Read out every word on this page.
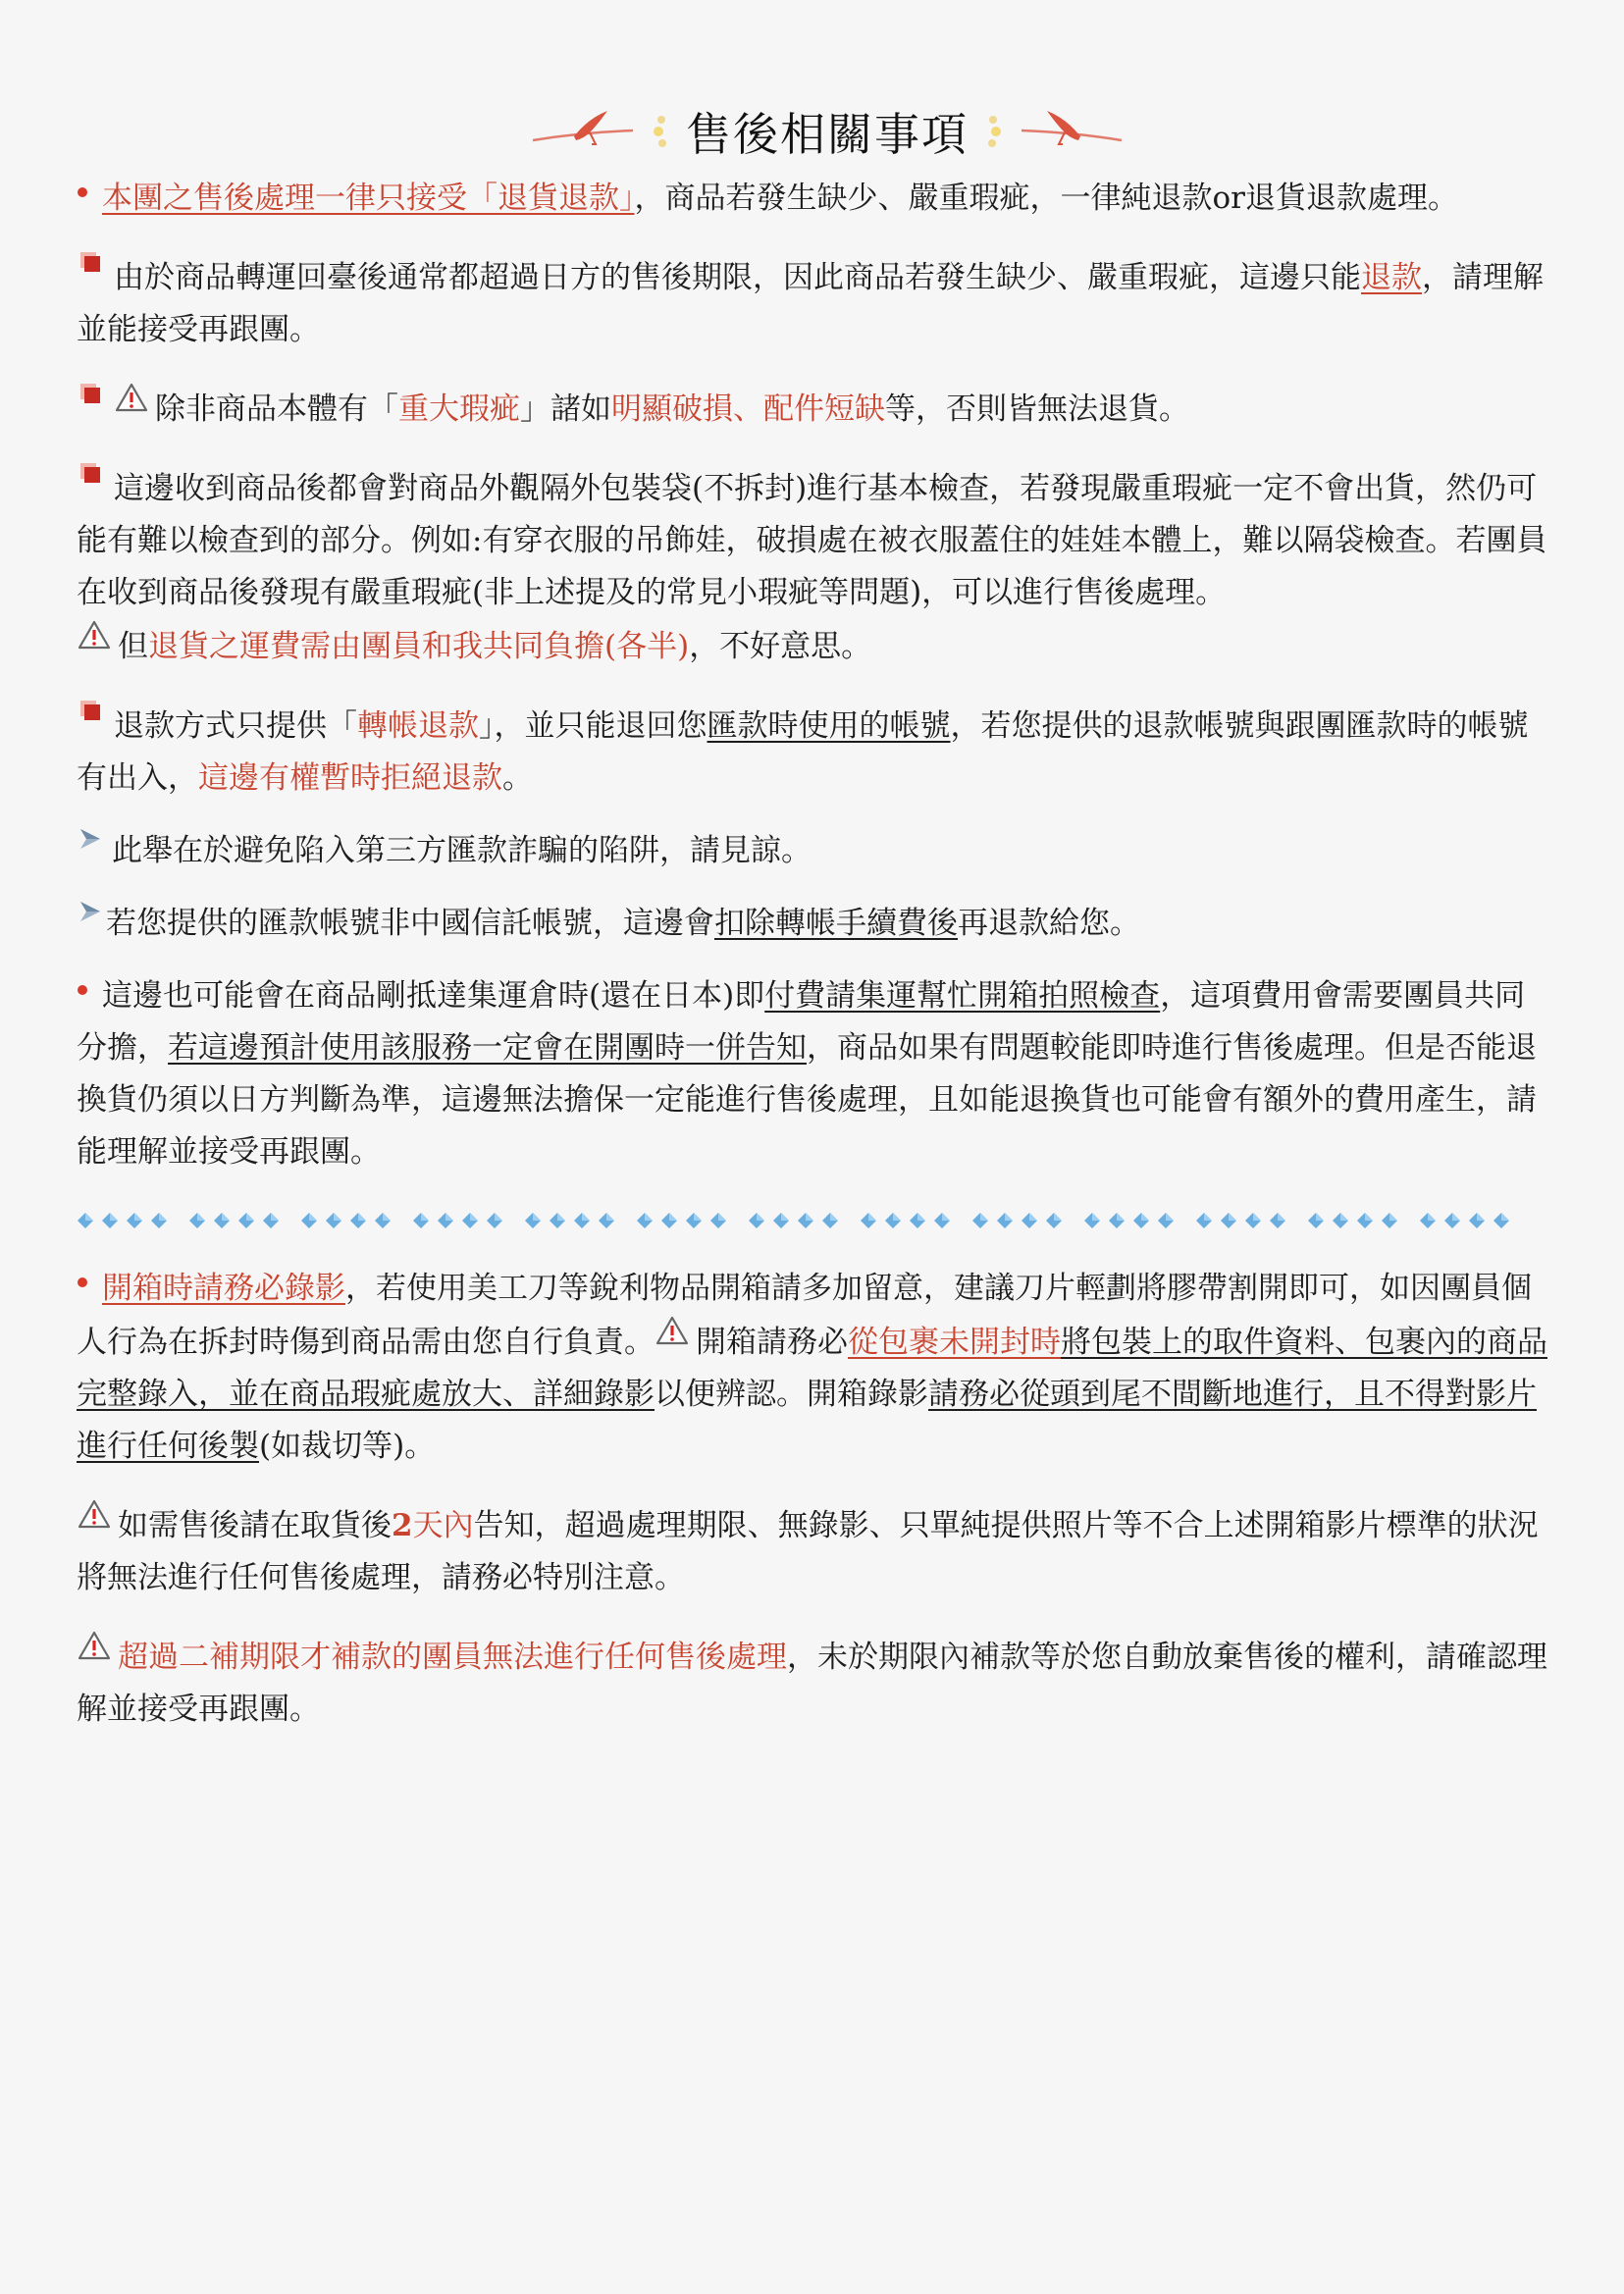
售後相關事項
本團之售後處理一律只接受「退貨退款」，商品若發生缺少、嚴重瑕疵，一律純退款or退貨退款處理。
由於商品轉運回臺後通常都超過日方的售後期限，因此商品若發生缺少、嚴重瑕疵，這邊只能退款，請理解並能接受再跟團。
除非商品本體有「重大瑕疵」諸如明顯破損、配件短缺等，否則皆無法退貨。
這邊收到商品後都會對商品外觀隔外包裝袋(不拆封)進行基本檢查，若發現嚴重瑕疵一定不會出貨，然仍可能有難以檢查到的部分。例如:有穿衣服的吊飾娃，破損處在被衣服蓋住的娃娃本體上，難以隔袋檢查。若團員在收到商品後發現有嚴重瑕疵(非上述提及的常見小瑕疵等問題)，可以進行售後處理。

但退貨之運費需由團員和我共同負擔(各半)，不好意思。
退款方式只提供「轉帳退款」，並只能退回您匯款時使用的帳號，若您提供的退款帳號與跟團匯款時的帳號有出入，這邊有權暫時拒絕退款。
此舉在於避免陷入第三方匯款詐騙的陷阱，請見諒。
若您提供的匯款帳號非中國信託帳號，這邊會扣除轉帳手續費後再退款給您。
這邊也可能會在商品剛抵達集運倉時(還在日本)即付費請集運幫忙開箱拍照檢查，這項費用會需要團員共同分擔，若這邊預計使用該服務一定會在開團時一併告知，商品如果有問題較能即時進行售後處理。但是否能退換貨仍須以日方判斷為準，這邊無法擔保一定能進行售後處理，且如能退換貨也可能會有額外的費用產生，請能理解並接受再跟團。
開箱時請務必錄影，若使用美工刀等銳利物品開箱請多加留意，建議刀片輕劃將膠帶割開即可，如因團員個人行為在拆封時傷到商品需由您自行負責。 開箱請務必從包裹未開封時將包裝上的取件資料、包裹內的商品完整錄入，並在商品瑕疵處放大、詳細錄影以便辨認。開箱錄影請務必從頭到尾不間斷地進行，且不得對影片進行任何後製(如裁切等)。
如需售後請在取貨後2天內告知，超過處理期限、無錄影、只單純提供照片等不合上述開箱影片標準的狀況將無法進行任何售後處理，請務必特別注意。
超過二補期限才補款的團員無法進行任何售後處理，未於期限內補款等於您自動放棄售後的權利，請確認理解並接受再跟團。
